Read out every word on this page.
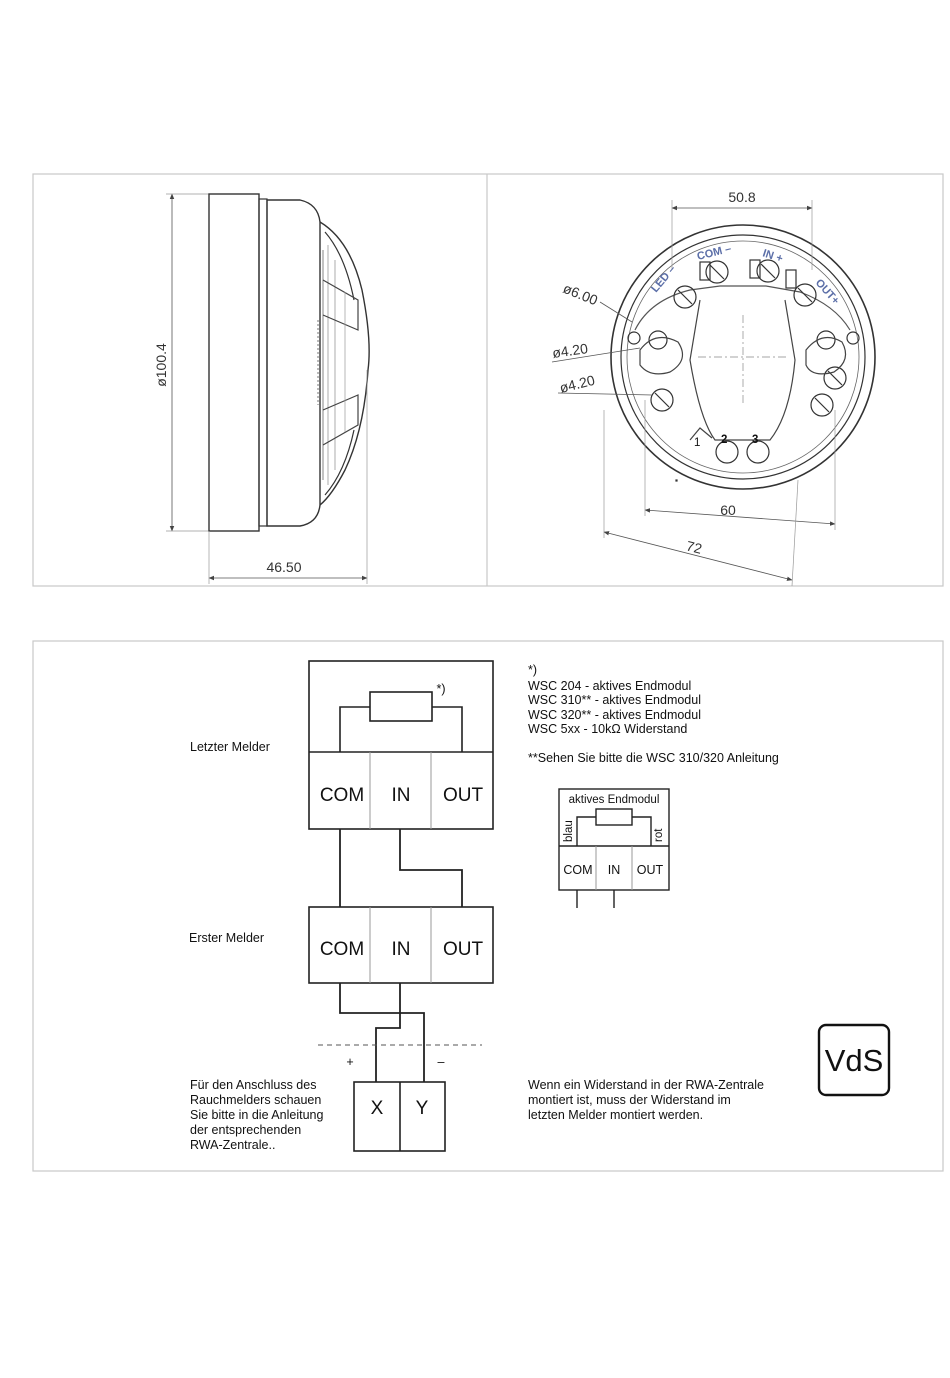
ø100.4
46.50
50.8
ø6.00
ø4.20
ø4.20
60
72
LED –
COM –	IN +
OUT+
1 2 3
*)
COM IN OUT
Letzter Melder
COM IN OUT
Erster Melder
+	–
X Y
Für den Anschluss des
Rauchmelders schauen
Sie bitte in die Anleitung
der entsprechenden
RWA-Zentrale..
*)
WSC 204 - aktives Endmodul
WSC 310** - aktives Endmodul
WSC 320** - aktives Endmodul
WSC 5xx - 10kΩ Widerstand
**Sehen Sie bitte die WSC 310/320 Anleitung
aktives Endmodul
blau	rot
COM IN OUT
Wenn ein Widerstand in der RWA-Zentrale
montiert ist, muss der Widerstand im
letzten Melder montiert werden.
VdS
